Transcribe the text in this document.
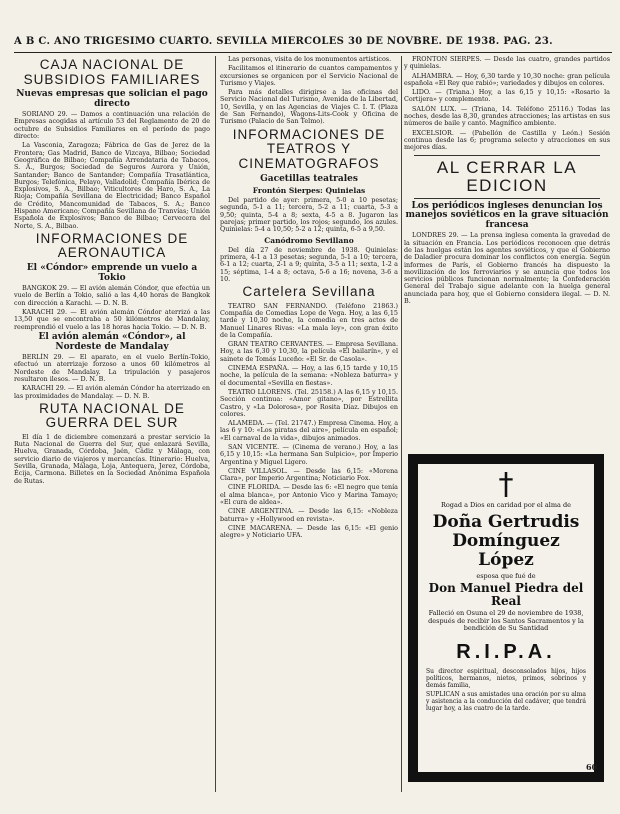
A B C. AÑO TRIGESIMO CUARTO. SEVILLA MIERCOLES 30 DE NOVBRE. DE 1938. PAG. 23.
CAJA NACIONAL DE SUBSIDIOS FAMILIARES
Nuevas empresas que solician el pago directo

SORIANO 29. — Damos a continuación una relación de Empresas acogidas al artículo 53 del Reglamento de 20 de octubre de Subsidios Familiares en el período de pago directo:

La Vasconia, Zaragoza; Fábrica de Gas de Jerez de la Frontera; Gas Madrid, Banco de Vizcaya, Bilbao; Sociedad Geográfica de Bilbao; Compañía Arrendataria de Tabacos, S. A., Burgos; Sociedad de Seguros Aurora y Unión, Santander; Banco de Santander; Compañía Trasatlántica, Burgos; Telefónica, Pelayo, Valladolid; Compañía Ibérica de Explosivos, S. A., Bilbao; Viticultores de Haro, S. A., La Rioja; Compañía Sevillana de Electricidad; Banco Español de Crédito, Mancomunidad de Tabacos, S. A.; Banco Hispano Americano; Compañía Sevillana de Tranvías; Unión Española de Explosivos; Banco de Bilbao; Cervecera del Norte, S. A., Bilbao.

INFORMACIONES DE AERONAUTICA
El «Cóndor» emprende un vuelo a Tokio

BANGKOK 29. — El avión alemán Cóndor, que efectúa un vuelo de Berlín a Tokio, salió a las 4,40 horas de Bangkok con dirección a Karachi. — D. N. B.

KARACHI 29. — El avión alemán Cóndor aterrizó a las 13,50 que se encontraba a 50 kilómetros de Mandalay, reemprendió el vuelo a las 18 horas hacia Tokio. — D. N. B.

El avión alemán «Cóndor», al Nordeste de Mandalay

BERLÍN 29. — El aparato, en el vuelo Berlín-Tokio, efectuó un aterrizaje forzoso a unos 60 kilómetros al Nordeste de Mandalay. La tripulación y pasajeros resultaron ilesos. — D. N. B.

KARACHI 29. — El avión alemán Cóndor ha aterrizado en las proximidades de Mandalay. — D. N. B.

RUTA NACIONAL DE GUERRA DEL SUR

El día 1 de diciembre comenzará a prestar servicio la Ruta Nacional de Guerra del Sur, que enlazará Sevilla, Huelva, Granada, Córdoba, Jaén, Cádiz y Málaga, con servicio diario de viajeros y mercancías. Itinerario: Huelva, Sevilla, Granada, Málaga, Loja, Antequera, Jerez, Córdoba, Écija, Carmona. Billetes en la Sociedad Anónima Española de Rutas.

Las personas, visita de los monumentos artísticos.

Facilitamos el itinerario de cuantos campamentos y excursiones se organicen por el Servicio Nacional de Turismo y Viajes.

Para más detalles dirigirse a las oficinas del Servicio Nacional del Turismo, Avenida de la Libertad, 10, Sevilla, y en las Agencias de Viajes C. I. T. (Plaza de San Fernando), Wagons-Lits-Cook y Oficina de Turismo (Palacio de San Telmo).

INFORMACIONES DE TEATROS Y CINEMATOGRAFOS
Gacetillas teatrales
Frontón Sierpes: Quinielas

Del partido de ayer: primera, 5-0 a 10 pesetas; segunda, 5-1 a 11; tercera, 5-2 a 11; cuarta, 5-3 a 9,50; quinta, 5-4 a 8; sexta, 4-5 a 8. Jugaron las parejas; primer partido, los rojos; segundo, los azules. Quinielas: 5-4 a 10,50; 5-2 a 12; quinta, 6-5 a 9,50.

Canódromo Sevillano

Del día 27 de noviembre de 1938. Quinielas: primera, 4-1 a 13 pesetas; segunda, 5-1 a 10; tercera, 6-1 a 12; cuarta, 2-1 a 9; quinta, 3-5 a 11; sexta, 1-2 a 15; séptima, 1-4 a 8; octava, 5-6 a 16; novena, 3-6 a 10.

Cartelera Sevillana

TEATRO SAN FERNANDO. (Teléfono 21863.) Compañía de Comedias Lope de Vega. Hoy, a las 6,15 tarde y 10,30 noche, la comedia en tres actos de Manuel Linares Rivas: «La mala ley», con gran éxito de la Compañía.

GRAN TEATRO CERVANTES. — Empresa Sevillana. Hoy, a las 6,30 y 10,30, la película «El bailarín», y el sainete de Tomás Luceño: «El Sr. de Casola».

CINEMA ESPAÑA. — Hoy, a las 6,15 tarde y 10,15 noche, la película de la semana: «Nobleza baturra» y el documental «Sevilla en fiestas».

TEATRO LLORENS. (Tel. 25158.) A las 6,15 y 10,15. Sección continua: «Amor gitano», por Estrellita Castro, y «La Dolorosa», por Rosita Díaz. Dibujos en colores.

ALAMEDA. — (Tel. 21747.) Empresa Cinema. Hoy, a las 6 y 10: «Los piratas del aire», película en español; «El carnaval de la vida», dibujos animados.

SAN VICENTE. — (Cinema de verano.) Hoy, a las 6,15 y 10,15: «La hermana San Sulpicio», por Imperio Argentina y Miguel Ligero.

CINE VILLASOL. — Desde las 6,15: «Morena Clara», por Imperio Argentina; Noticiario Fox.

CINE FLORIDA. — Desde las 6: «El negro que tenía el alma blanca», por Antonio Vico y Marina Tamayo; «El cura de aldea».

CINE ARGENTINA. — Desde las 6,15: «Nobleza baturra» y «Hollywood en revista».

CINE MACARENA. — Desde las 6,15: «El genio alegre» y Noticiario UFA.

FRONTÓN SIERPES. — Desde las cuatro, grandes partidos y quinielas.

ALHAMBRA. — Hoy, 6,30 tarde y 10,30 noche: gran película española «El Rey que rabió»; variedades y dibujos en colores.

LIDO. — (Triana.) Hoy, a las 6,15 y 10,15: «Rosario la Cortijera» y complemento.

SALÓN LUX. — (Triana, 14. Teléfono 25116.) Todas las noches, desde las 8,30, grandes atracciones; las artistas en sus números de baile y canto. Magnífico ambiente.

EXCELSIOR. — (Pabellón de Castilla y León.) Sesión continua desde las 6; programa selecto y atracciones en sus mejores días.

AL CERRAR LA EDICION
Los periódicos ingleses denuncian los manejos soviéticos en la grave situación francesa

LONDRES 29. — La prensa inglesa comenta la gravedad de la situación en Francia. Los periódicos reconocen que detrás de las huelgas están los agentes soviéticos, y que el Gobierno de Daladier procura dominar los conflictos con energía. Según informes de París, el Gobierno francés ha dispuesto la movilización de los ferroviarios y se anuncia que todos los servicios públicos funcionan normalmente; la Confederación General del Trabajo sigue adelante con la huelga general anunciada para hoy, que el Gobierno considera ilegal. — D. N. B.

†
Rogad a Dios en caridad por el alma de
Doña Gertrudis Domínguez López
esposa que fué de
Don Manuel Piedra del Real
Falleció en Osuna el 29 de noviembre de 1938, después de recibir los Santos Sacramentos y la bendición de Su Santidad
R.I.P.A.
Su director espiritual, desconsolados hijos, hijos políticos, hermanos, nietos, primos, sobrinos y demás familia,
SUPLICAN a sus amistades una oración por su alma y asistencia a la conducción del cadáver, que tendrá lugar hoy, a las cuatro de la tarde.
60
